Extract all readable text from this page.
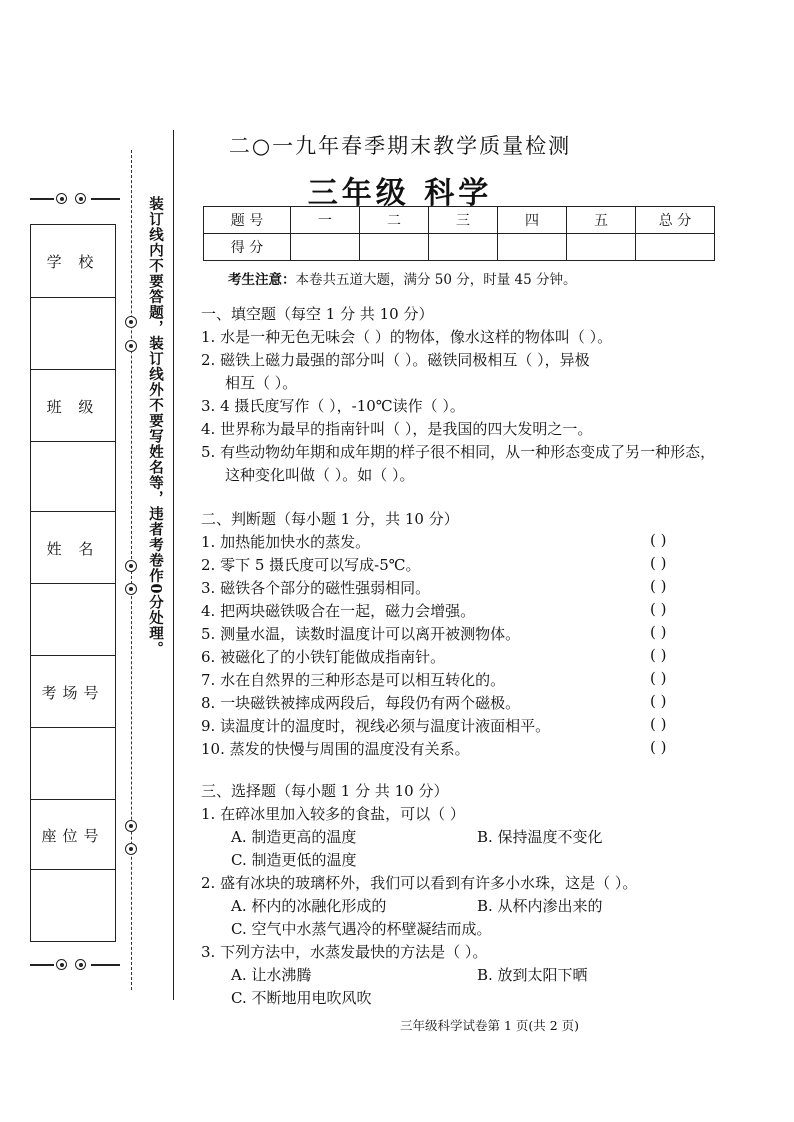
学 校
班 级
姓 名
考场号
座位号
装订线内不要答题，装订线外不要写姓名等，违者考卷作0分处理。
二○一九年春季期末教学质量检测
三年级 科学
题 号	一	二	三	四	五	总 分
得 分						
考生注意：本卷共五道大题，满分 50 分，时量 45 分钟。
一、填空题（每空 1 分 共 10 分）
1. 水是一种无色无味会（ ）的物体，像水这样的物体叫（ ）。
2. 磁铁上磁力最强的部分叫（ ）。磁铁同极相互（ ），异极
相互（ ）。
3. 4 摄氏度写作（ ），-10℃读作（ ）。
4. 世界称为最早的指南针叫（ ），是我国的四大发明之一。
5. 有些动物幼年期和成年期的样子很不相同，从一种形态变成了另一种形态，
这种变化叫做（ ）。如（ ）。
二、判断题（每小题 1 分，共 10 分）
1. 加热能加快水的蒸发。	( )
2. 零下 5 摄氏度可以写成-5℃。	( )
3. 磁铁各个部分的磁性强弱相同。	( )
4. 把两块磁铁吸合在一起，磁力会增强。	( )
5. 测量水温，读数时温度计可以离开被测物体。	( )
6. 被磁化了的小铁钉能做成指南针。	( )
7. 水在自然界的三种形态是可以相互转化的。	( )
8. 一块磁铁被摔成两段后，每段仍有两个磁极。	( )
9. 读温度计的温度时，视线必须与温度计液面相平。	( )
10. 蒸发的快慢与周围的温度没有关系。	( )
三、选择题（每小题 1 分 共 10 分）
1. 在碎冰里加入较多的食盐，可以（ ）
A. 制造更高的温度	B. 保持温度不变化
C. 制造更低的温度
2. 盛有冰块的玻璃杯外，我们可以看到有许多小水珠，这是（ ）。
A. 杯内的冰融化形成的	B. 从杯内渗出来的
C. 空气中水蒸气遇冷的杯壁凝结而成。
3. 下列方法中，水蒸发最快的方法是（ ）。
A. 让水沸腾	B. 放到太阳下晒
C. 不断地用电吹风吹
三年级科学试卷第 1 页(共 2 页)
